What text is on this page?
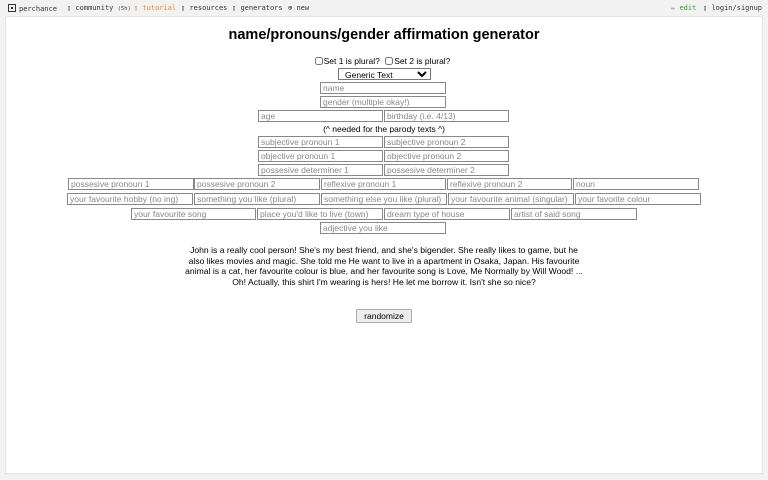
perchance ▯ community (5h) ▯ tutorial ▯ resources ▯ generators ⊕ new	✏ edit ▯ login/signup
name/pronouns/gender affirmation generator
Set 1 is plural? Set 2 is plural?
Generic Text
name
gender (multiple okay!)
age
birthday (i.e. 4/13)
(^ needed for the parody texts ^)
subjective pronoun 1
subjective pronoun 2
objective pronoun 1
objective pronoun 2
possesive determiner 1
possesive determiner 2
possesive pronoun 1
possesive pronoun 2
reflexive pronoun 1
reflexive pronoun 2
noun
your favourite hobby (no ing)
something you like (plural)
something else you like (plural)
your favourite animal (singular)
your favorite colour
your favourite song
place you'd like to live (town)
dream type of house
artist of said song
adjective you like
John is a really cool person! She's my best friend, and she's bigender. She really likes to game, but he also likes movies and magic. She told me He want to live in a apartment in Osaka, Japan. His favourite animal is a cat, her favourite colour is blue, and her favourite song is Love, Me Normally by Will Wood! ... Oh! Actually, this shirt I'm wearing is hers! He let me borrow it. Isn't she so nice?
randomize
